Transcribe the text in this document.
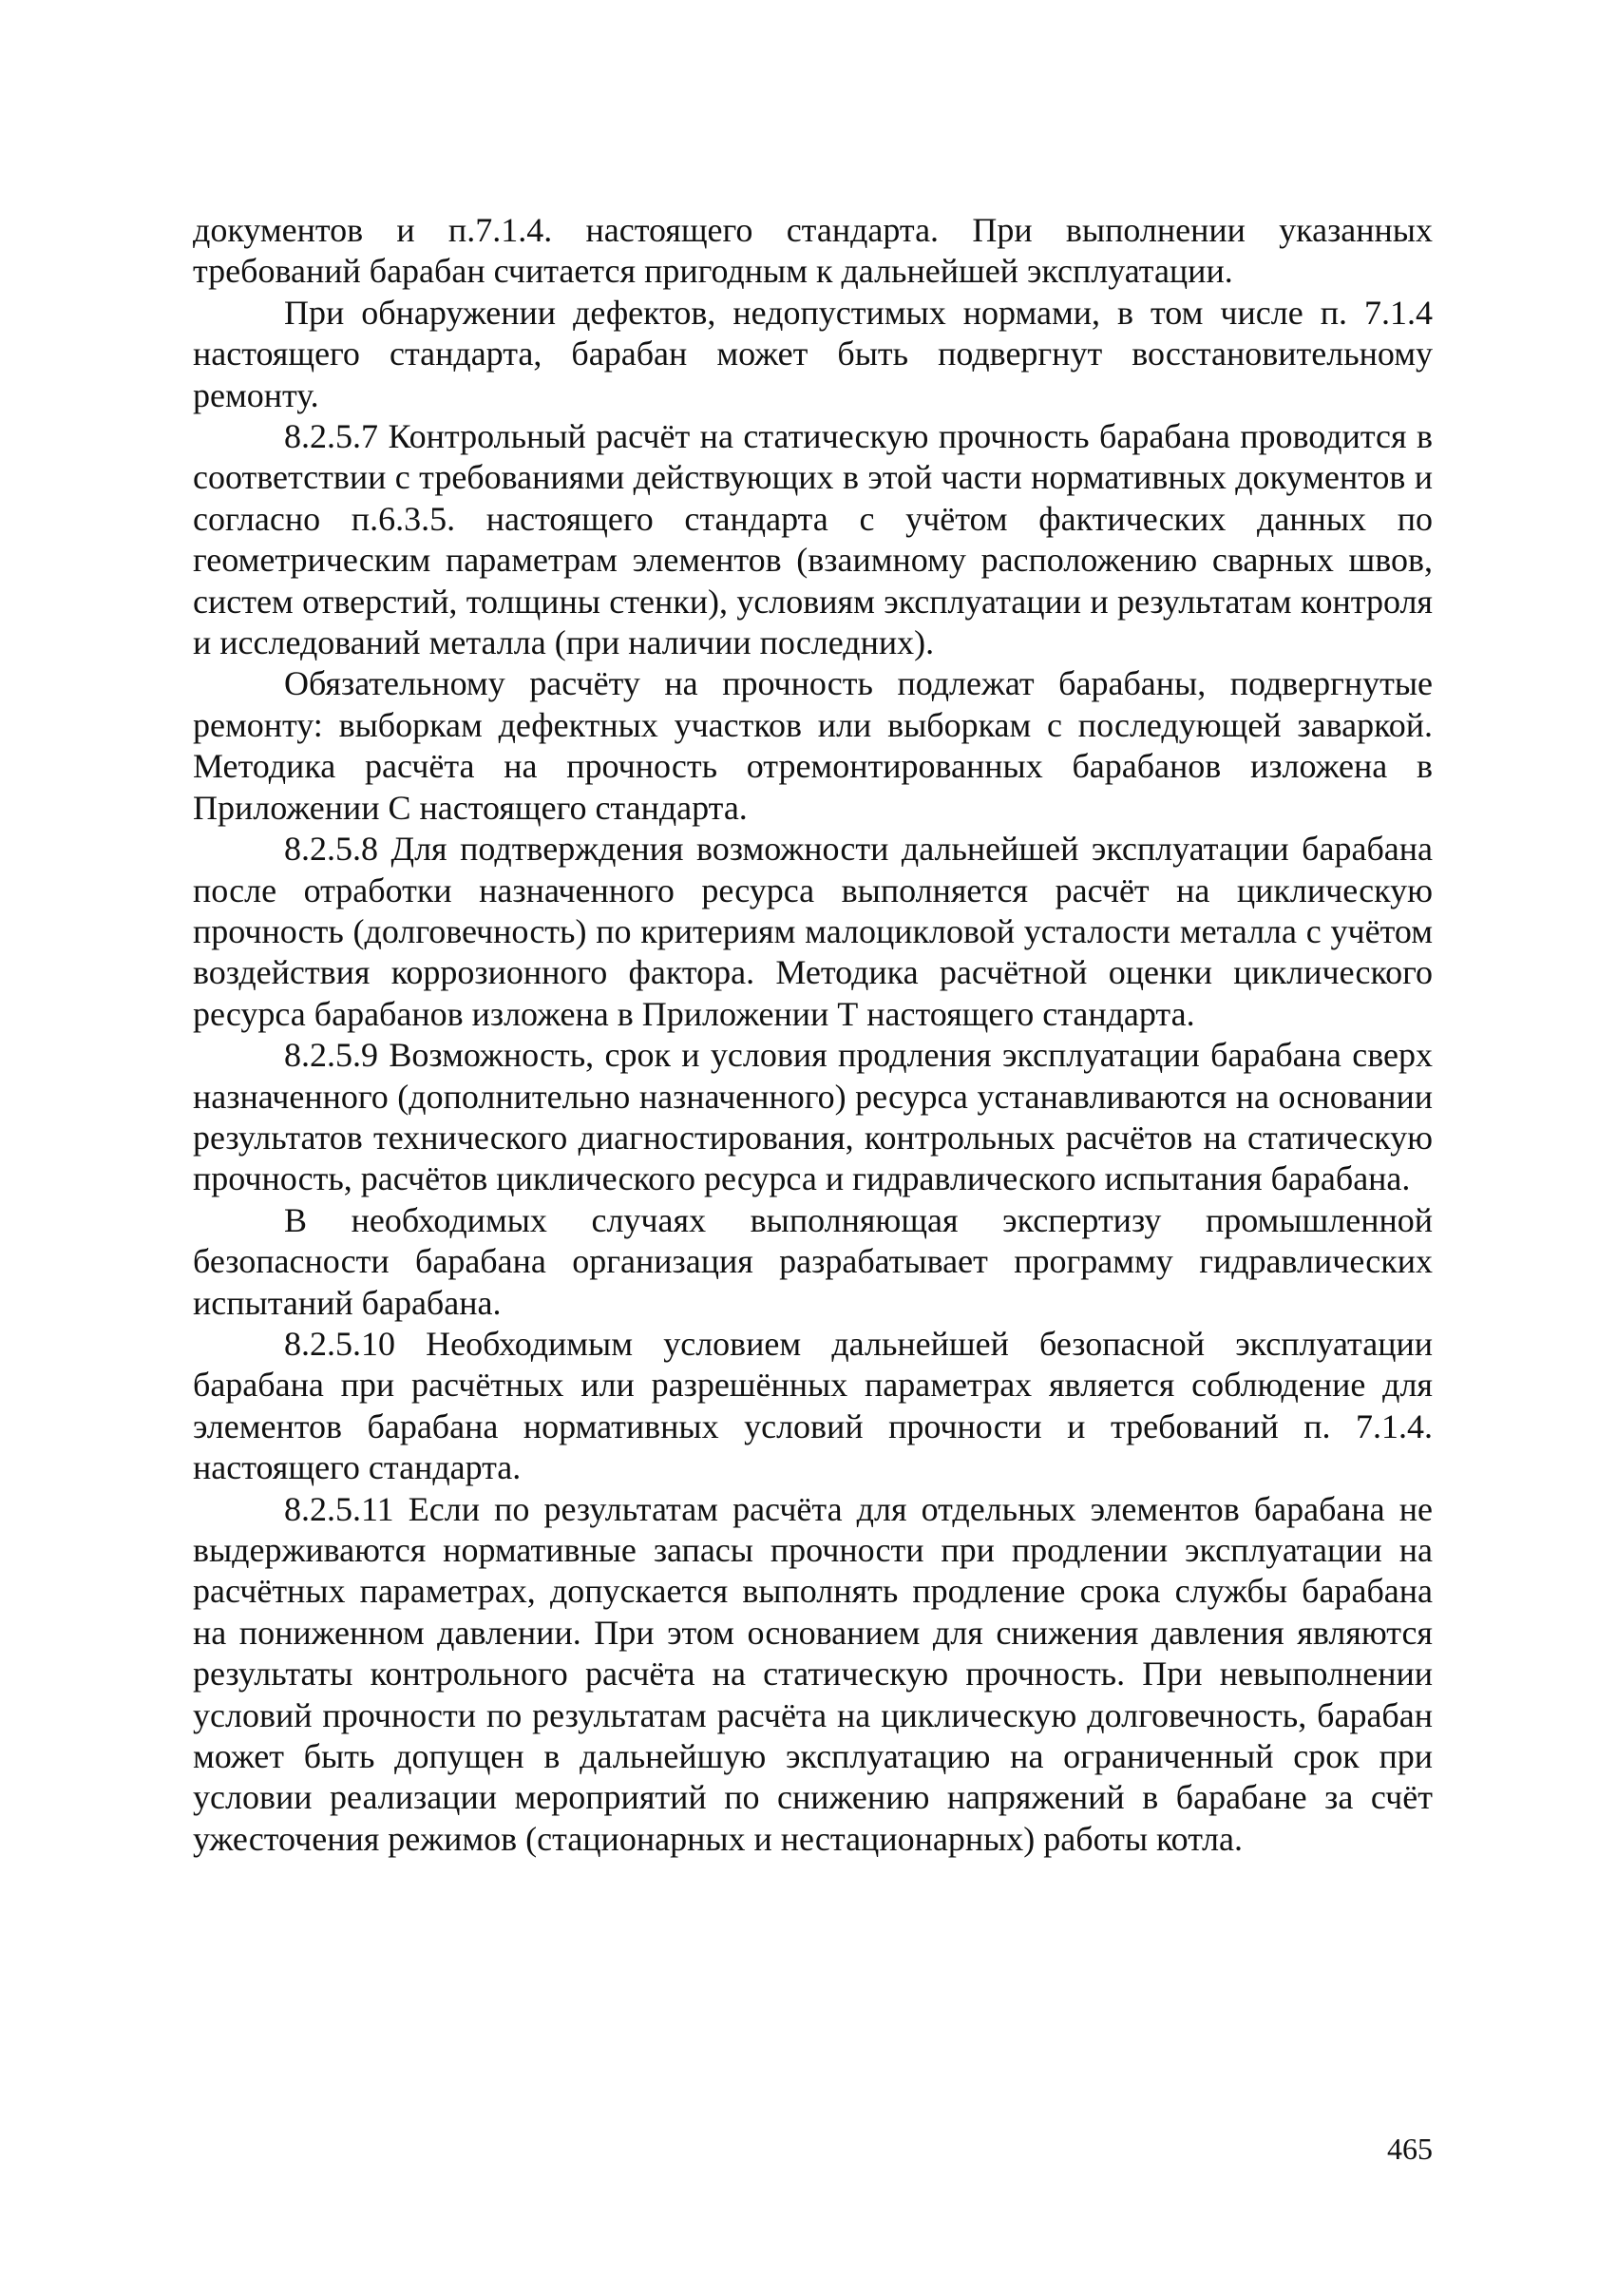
документов и п.7.1.4. настоящего стандарта. При выполнении указанных требований барабан считается пригодным к дальнейшей эксплуатации.

При обнаружении дефектов, недопустимых нормами, в том числе п. 7.1.4 настоящего стандарта, барабан может быть подвергнут восстановительному ремонту.

8.2.5.7 Контрольный расчёт на статическую прочность барабана проводится в соответствии с требованиями действующих в этой части нормативных документов и согласно п.6.3.5. настоящего стандарта с учётом фактических данных по геометрическим параметрам элементов (взаимному расположению сварных швов, систем отверстий, толщины стенки), условиям эксплуатации и результатам контроля и исследований металла (при наличии последних).

Обязательному расчёту на прочность подлежат барабаны, подвергнутые ремонту: выборкам дефектных участков или выборкам с последующей заваркой. Методика расчёта на прочность отремонтированных барабанов изложена в Приложении С настоящего стандарта.

8.2.5.8 Для подтверждения возможности дальнейшей эксплуатации барабана после отработки назначенного ресурса выполняется расчёт на циклическую прочность (долговечность) по критериям малоцикловой усталости металла с учётом воздействия коррозионного фактора. Методика расчётной оценки циклического ресурса барабанов изложена в Приложении Т настоящего стандарта.

8.2.5.9 Возможность, срок и условия продления эксплуатации барабана сверх назначенного (дополнительно назначенного) ресурса устанавливаются на основании результатов технического диагностирования, контрольных расчётов на статическую прочность, расчётов циклического ресурса и гидравлического испытания барабана.

В необходимых случаях выполняющая экспертизу промышленной безопасности барабана организация разрабатывает программу гидравлических испытаний барабана.

8.2.5.10 Необходимым условием дальнейшей безопасной эксплуатации барабана при расчётных или разрешённых параметрах является соблюдение для элементов барабана нормативных условий прочности и требований п. 7.1.4. настоящего стандарта.

8.2.5.11 Если по результатам расчёта для отдельных элементов барабана не выдерживаются нормативные запасы прочности при продлении эксплуатации на расчётных параметрах, допускается выполнять продление срока службы барабана на пониженном давлении. При этом основанием для снижения давления являются результаты контрольного расчёта на статическую прочность. При невыполнении условий прочности по результатам расчёта на циклическую долговечность, барабан может быть допущен в дальнейшую эксплуатацию на ограниченный срок при условии реализации мероприятий по снижению напряжений в барабане за счёт ужесточения режимов (стационарных и нестационарных) работы котла.

465
